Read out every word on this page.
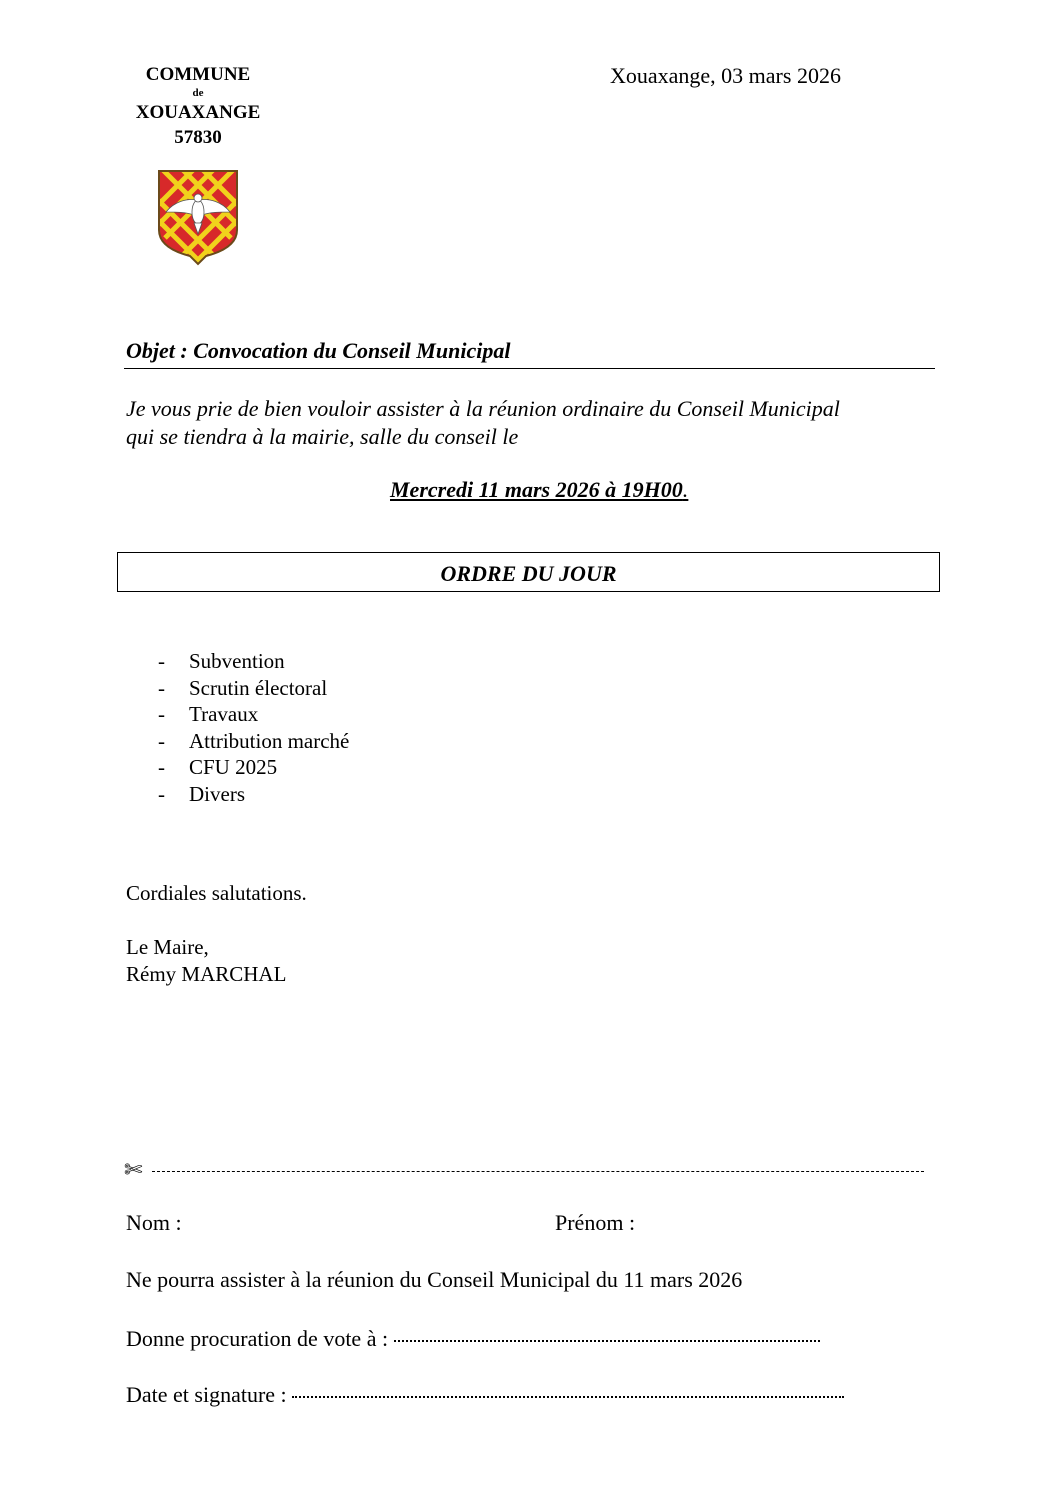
COMMUNE
de
XOUAXANGE
57830
Xouaxange, 03 mars 2026
Objet : Convocation du Conseil Municipal
Je vous prie de bien vouloir assister à la réunion ordinaire du Conseil Municipal
qui se tiendra à la mairie, salle du conseil le
Mercredi 11 mars 2026 à 19H00.
ORDRE DU JOUR
- Subvention
- Scrutin électoral
- Travaux
- Attribution marché
- CFU 2025
- Divers
Cordiales salutations.
Le Maire,
Rémy MARCHAL
✄
Nom :	Prénom :
Ne pourra assister à la réunion du Conseil Municipal du 11 mars 2026
Donne procuration de vote à :
Date et signature :
